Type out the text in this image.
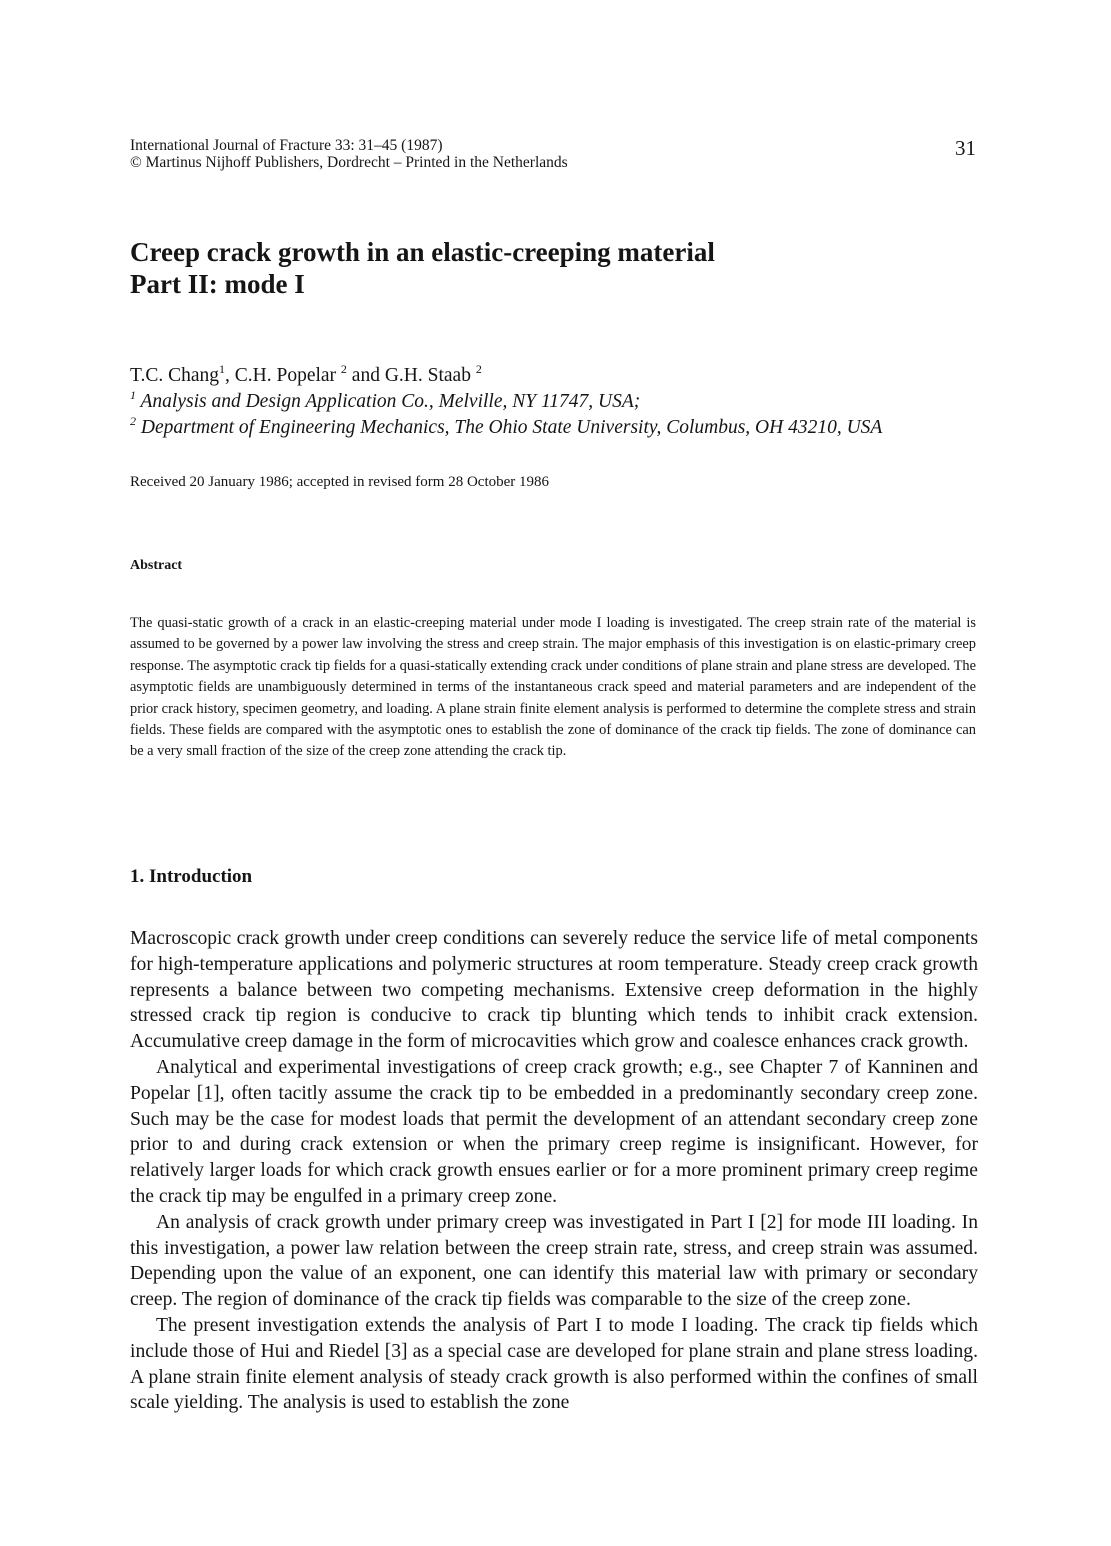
International Journal of Fracture 33: 31–45 (1987)
© Martinus Nijhoff Publishers, Dordrecht – Printed in the Netherlands
31
Creep crack growth in an elastic-creeping material
Part II: mode I
T.C. Chang$^1$, C.H. Popelar $^2$ and G.H. Staab $^2$
$^1$ Analysis and Design Application Co., Melville, NY 11747, USA;
$^2$ Department of Engineering Mechanics, The Ohio State University, Columbus, OH 43210, USA
Received 20 January 1986; accepted in revised form 28 October 1986
Abstract
The quasi-static growth of a crack in an elastic-creeping material under mode I loading is investigated. The creep strain rate of the material is assumed to be governed by a power law involving the stress and creep strain. The major emphasis of this investigation is on elastic-primary creep response. The asymptotic crack tip fields for a quasi-statically extending crack under conditions of plane strain and plane stress are developed. The asymptotic fields are unambiguously determined in terms of the instantaneous crack speed and material parameters and are independent of the prior crack history, specimen geometry, and loading. A plane strain finite element analysis is performed to determine the complete stress and strain fields. These fields are compared with the asymptotic ones to establish the zone of dominance of the crack tip fields. The zone of dominance can be a very small fraction of the size of the creep zone attending the crack tip.
1. Introduction

Macroscopic crack growth under creep conditions can severely reduce the service life of metal components for high-temperature applications and polymeric structures at room temperature. Steady creep crack growth represents a balance between two competing mechanisms. Extensive creep deformation in the highly stressed crack tip region is conducive to crack tip blunting which tends to inhibit crack extension. Accumulative creep damage in the form of microcavities which grow and coalesce enhances crack growth.

Analytical and experimental investigations of creep crack growth; e.g., see Chapter 7 of Kanninen and Popelar [1], often tacitly assume the crack tip to be embedded in a predominantly secondary creep zone. Such may be the case for modest loads that permit the development of an attendant secondary creep zone prior to and during crack extension or when the primary creep regime is insignificant. However, for relatively larger loads for which crack growth ensues earlier or for a more prominent primary creep regime the crack tip may be engulfed in a primary creep zone.

An analysis of crack growth under primary creep was investigated in Part I [2] for mode III loading. In this investigation, a power law relation between the creep strain rate, stress, and creep strain was assumed. Depending upon the value of an exponent, one can identify this material law with primary or secondary creep. The region of dominance of the crack tip fields was comparable to the size of the creep zone.

The present investigation extends the analysis of Part I to mode I loading. The crack tip fields which include those of Hui and Riedel [3] as a special case are developed for plane strain and plane stress loading. A plane strain finite element analysis of steady crack growth is also performed within the confines of small scale yielding. The analysis is used to establish the zone
